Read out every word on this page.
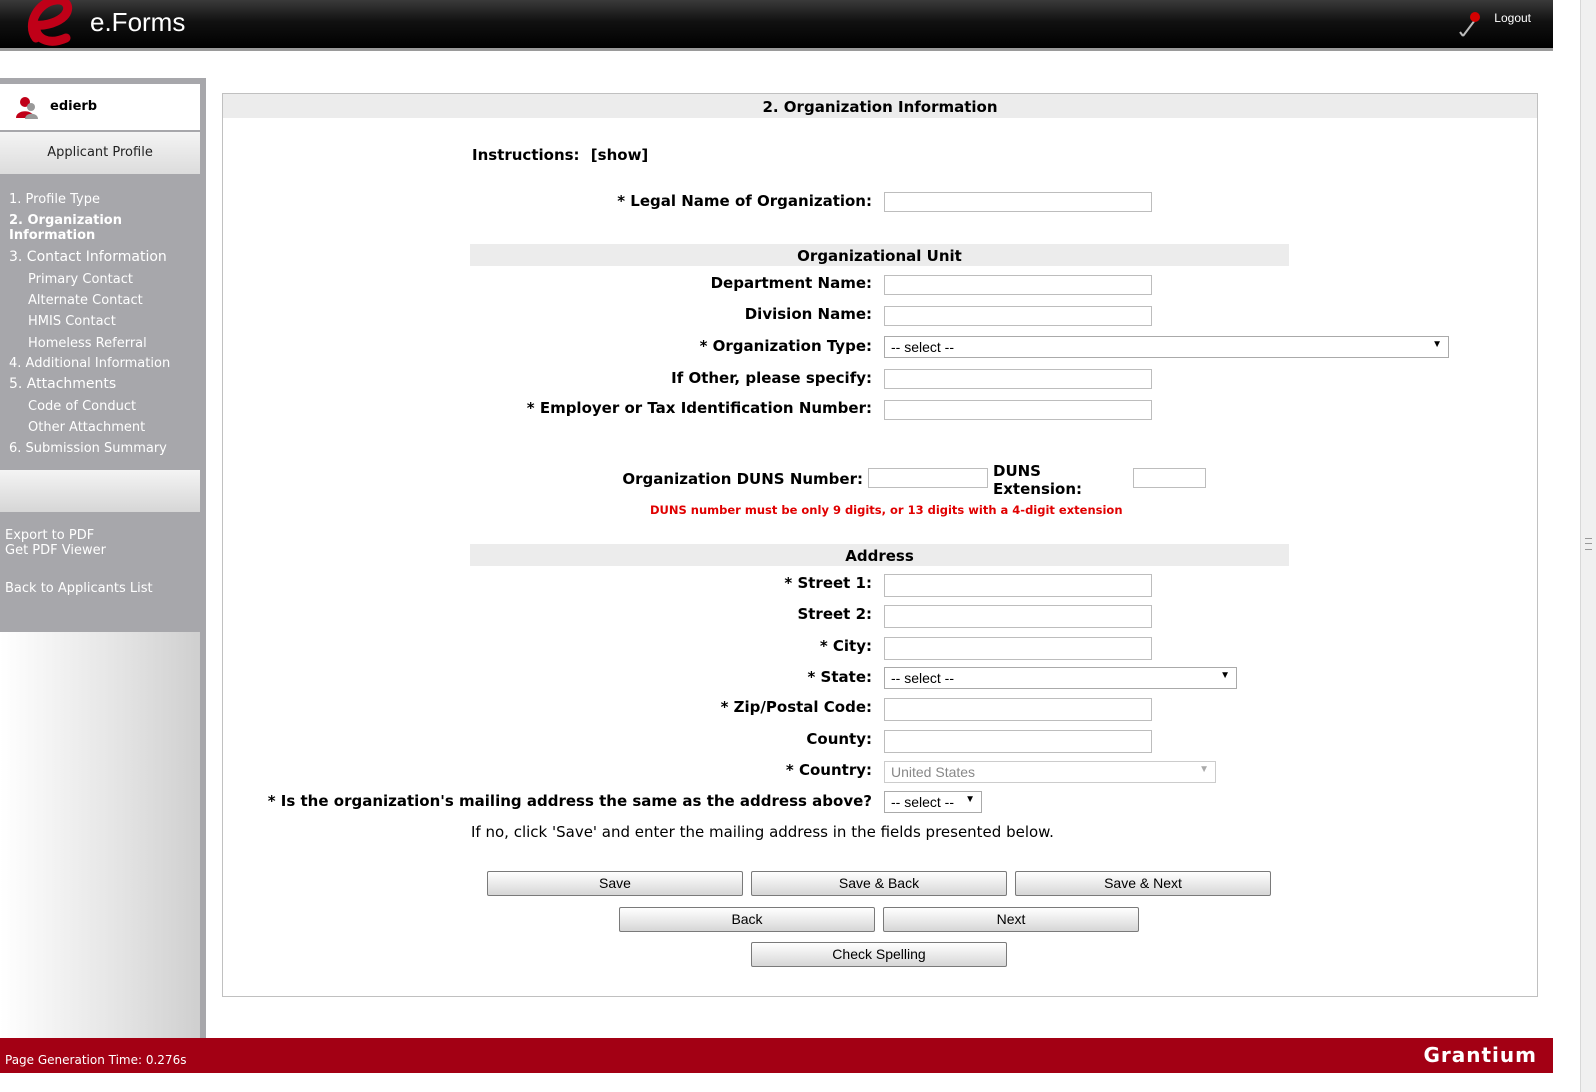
e.Forms	Logout
edierb
Applicant Profile
1. Profile Type
2. Organization
Information
3. Contact Information
Primary Contact
Alternate Contact
HMIS Contact
Homeless Referral
4. Additional Information
5. Attachments
Code of Conduct
Other Attachment
6. Submission Summary
Export to PDF
Get PDF Viewer
Back to Applicants List
2. Organization Information
Instructions: [show]
* Legal Name of Organization:
Organizational Unit
Department Name:
Division Name:
* Organization Type:	-- select --	▼
If Other, please specify:
* Employer or Tax Identification Number:
Organization DUNS Number:	DUNS
Extension:
DUNS number must be only 9 digits, or 13 digits with a 4-digit extension
Address
* Street 1:
Street 2:
* City:
* State:	-- select --	▼
* Zip/Postal Code:
County:
* Country:	United States	▼
* Is the organization's mailing address the same as the address above?	-- select -- ▼
If no, click 'Save' and enter the mailing address in the fields presented below.
Save	Save & Back	Save & Next
Back	Next
Check Spelling
Page Generation Time: 0.276s	Grantium
